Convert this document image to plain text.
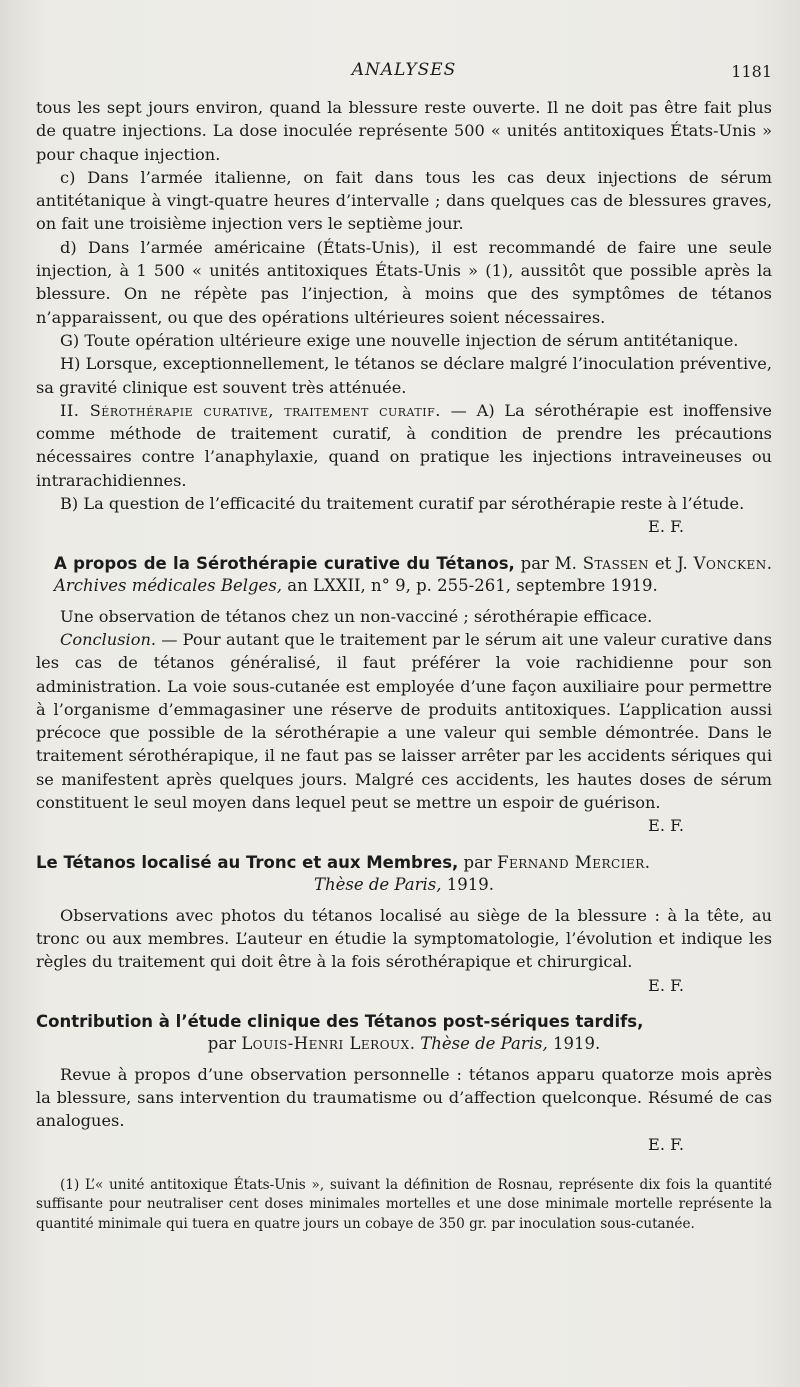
ANALYSES	1181

tous les sept jours environ, quand la blessure reste ouverte. Il ne doit pas être fait plus de quatre injections. La dose inoculée représente 500 « unités antitoxiques États-Unis » pour chaque injection.

c) Dans l’armée italienne, on fait dans tous les cas deux injections de sérum antitétanique à vingt-quatre heures d’intervalle ; dans quelques cas de blessures graves, on fait une troisième injection vers le septième jour.

d) Dans l’armée américaine (États-Unis), il est recommandé de faire une seule injection, à 1 500 « unités antitoxiques États-Unis » (1), aussitôt que possible après la blessure. On ne répète pas l’injection, à moins que des symptômes de tétanos n’apparaissent, ou que des opérations ultérieures soient nécessaires.

G) Toute opération ultérieure exige une nouvelle injection de sérum antitétanique.

H) Lorsque, exceptionnellement, le tétanos se déclare malgré l’inoculation préventive, sa gravité clinique est souvent très atténuée.

II. Sérothérapie curative, traitement curatif. — A) La sérothérapie est inoffensive comme méthode de traitement curatif, à condition de prendre les précautions nécessaires contre l’anaphylaxie, quand on pratique les injections intraveineuses ou intrarachidiennes.

B) La question de l’efficacité du traitement curatif par sérothérapie reste à l’étude.

E. F.

A propos de la Sérothérapie curative du Tétanos, par M. Stassen et J. Voncken. Archives médicales Belges, an LXXII, n° 9, p. 255-261, septembre 1919.

Une observation de tétanos chez un non-vacciné ; sérothérapie efficace.

Conclusion. — Pour autant que le traitement par le sérum ait une valeur curative dans les cas de tétanos généralisé, il faut préférer la voie rachidienne pour son administration. La voie sous-cutanée est employée d’une façon auxiliaire pour permettre à l’organisme d’emmagasiner une réserve de produits antitoxiques. L’application aussi précoce que possible de la sérothérapie a une valeur qui semble démontrée. Dans le traitement sérothérapique, il ne faut pas se laisser arrêter par les accidents sériques qui se manifestent après quelques jours. Malgré ces accidents, les hautes doses de sérum constituent le seul moyen dans lequel peut se mettre un espoir de guérison.

E. F.

Le Tétanos localisé au Tronc et aux Membres, par Fernand Mercier.
Thèse de Paris, 1919.

Observations avec photos du tétanos localisé au siège de la blessure : à la tête, au tronc ou aux membres. L’auteur en étudie la symptomatologie, l’évolution et indique les règles du traitement qui doit être à la fois sérothérapique et chirurgical.

E. F.

Contribution à l’étude clinique des Tétanos post-sériques tardifs,
par Louis-Henri Leroux. Thèse de Paris, 1919.

Revue à propos d’une observation personnelle : tétanos apparu quatorze mois après la blessure, sans intervention du traumatisme ou d’affection quelconque. Résumé de cas analogues.

E. F.

(1) L’« unité antitoxique États-Unis », suivant la définition de Rosnau, représente dix fois la quantité suffisante pour neutraliser cent doses minimales mortelles et une dose minimale mortelle représente la quantité minimale qui tuera en quatre jours un cobaye de 350 gr. par inoculation sous-cutanée.
